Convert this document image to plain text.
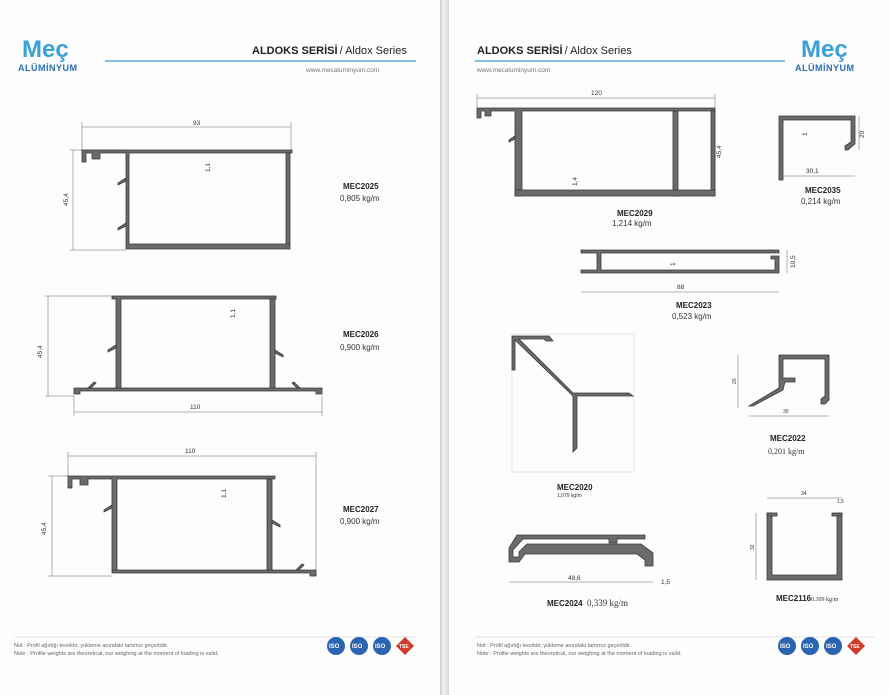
Meç
ALÜMİNYUM
ALDOKS SERİSİ / Aldox Series
www.mecaluminyum.com
93
45,4
1,1
MEC2025
0,805 kg/m
45,4
1,1
110
MEC2026
0,900 kg/m
110
45,4
1,1
MEC2027
0,900 kg/m
Not : Profil ağırlığı teoriktir, yükleme anındaki tartımız geçerlidir.
Note : Profile weights are theoretical, our weighing at the moment of loading is valid.
ISO ISO ISO	TSE
ALDOKS SERİSİ / Aldox Series
www.mecaluminyum.com
Meç
ALÜMİNYUM
120
45,4
1,4
MEC2029
1,214 kg/m
20
30,1
1
MEC2035
0,214 kg/m
1	10,5
88
MEC2023
0,523 kg/m
MEC2020
1,079 kg/m
20
30
MEC2022
0,201 kg/m
48,6
1,5
MEC2024 0,339 kg/m
34
1,5
32
MEC2116 0.309 kg/m
Not : Profil ağırlığı teoriktir, yükleme anındaki tartımız geçerlidir.
Note : Profile weights are theoretical, our weighing at the moment of loading is valid.
ISO ISO ISO	TSE
